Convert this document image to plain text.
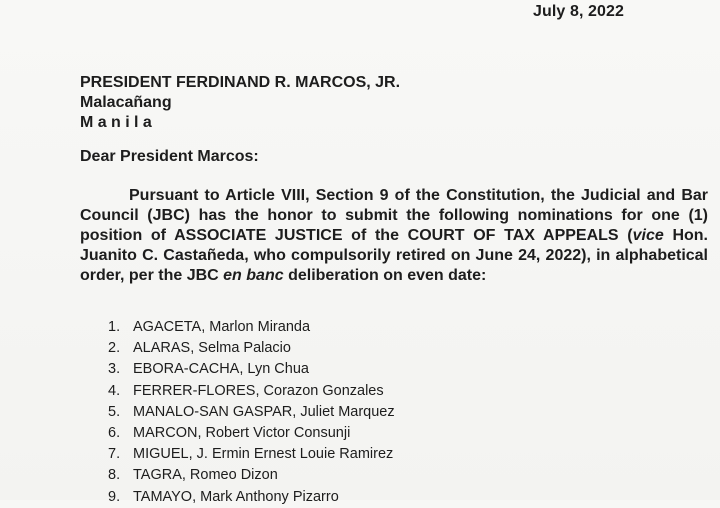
July 8, 2022
PRESIDENT FERDINAND R. MARCOS, JR.
Malacañang
Manila
Dear President Marcos:
Pursuant to Article VIII, Section 9 of the Constitution, the Judicial and Bar Council (JBC) has the honor to submit the following nominations for one (1) position of ASSOCIATE JUSTICE of the COURT OF TAX APPEALS (vice Hon. Juanito C. Castañeda, who compulsorily retired on June 24, 2022), in alphabetical order, per the JBC en banc deliberation on even date:
1. AGACETA, Marlon Miranda
2. ALARAS, Selma Palacio
3. EBORA-CACHA, Lyn Chua
4. FERRER-FLORES, Corazon Gonzales
5. MANALO-SAN GASPAR, Juliet Marquez
6. MARCON, Robert Victor Consunji
7. MIGUEL, J. Ermin Ernest Louie Ramirez
8. TAGRA, Romeo Dizon
9. TAMAYO, Mark Anthony Pizarro
